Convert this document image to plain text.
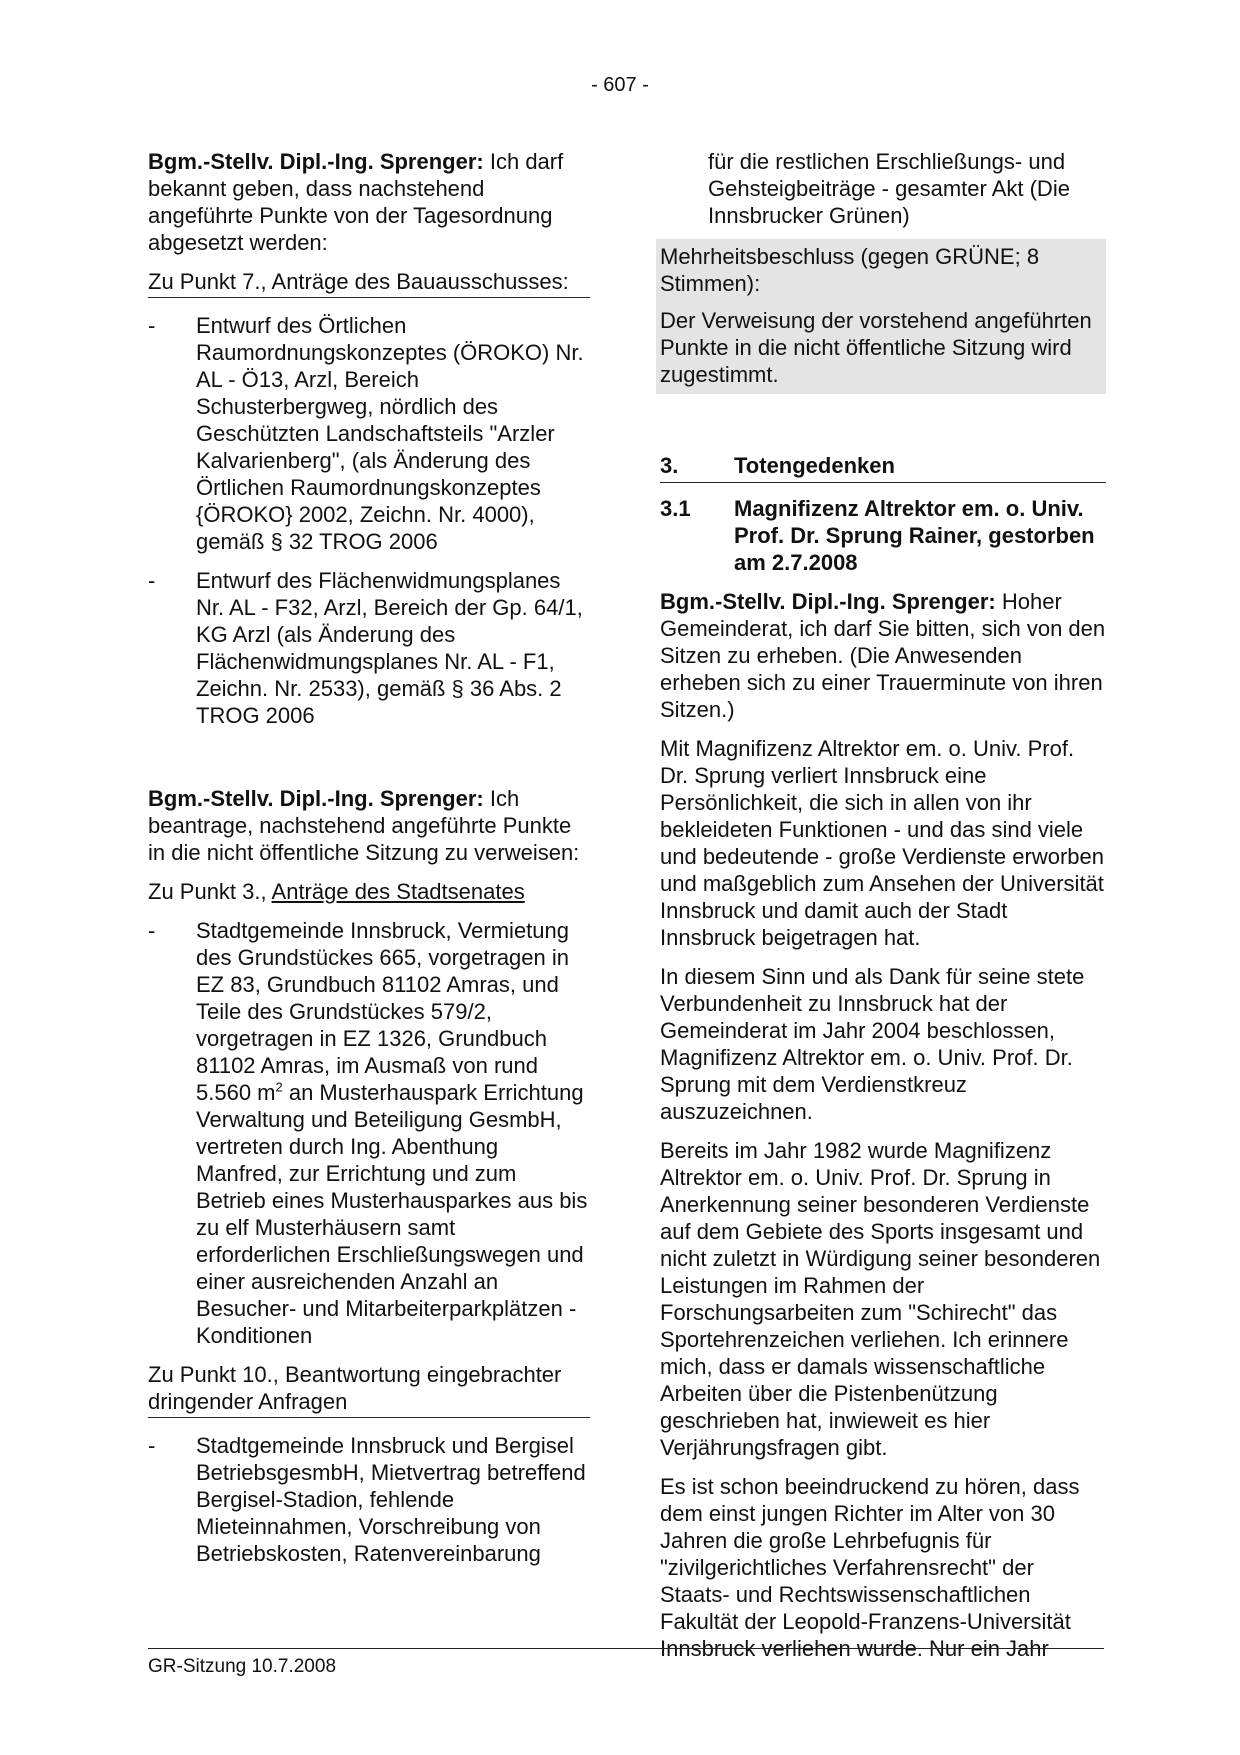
- 607 -

Bgm.-Stellv. Dipl.-Ing. Sprenger: Ich darf bekannt geben, dass nachstehend angeführte Punkte von der Tagesordnung abgesetzt werden:

Zu Punkt 7., Anträge des Bauausschusses:

- Entwurf des Örtlichen Raumordnungskonzeptes (ÖROKO) Nr. AL - Ö13, Arzl, Bereich Schusterbergweg, nördlich des Geschützten Landschaftsteils "Arzler Kalvarienberg", (als Änderung des Örtlichen Raumordnungskonzeptes {ÖROKO} 2002, Zeichn. Nr. 4000), gemäß § 32 TROG 2006
- Entwurf des Flächenwidmungsplanes Nr. AL - F32, Arzl, Bereich der Gp. 64/1, KG Arzl (als Änderung des Flächenwidmungsplanes Nr. AL - F1, Zeichn. Nr. 2533), gemäß § 36 Abs. 2 TROG 2006

Bgm.-Stellv. Dipl.-Ing. Sprenger: Ich beantrage, nachstehend angeführte Punkte in die nicht öffentliche Sitzung zu verweisen:

Zu Punkt 3., Anträge des Stadtsenates

- Stadtgemeinde Innsbruck, Vermietung des Grundstückes 665, vorgetragen in EZ 83, Grundbuch 81102 Amras, und Teile des Grundstückes 579/2, vorgetragen in EZ 1326, Grundbuch 81102 Amras, im Ausmaß von rund 5.560 $m^2$ an Musterhauspark Errichtung Verwaltung und Beteiligung GesmbH, vertreten durch Ing. Abenthung Manfred, zur Errichtung und zum Betrieb eines Musterhausparkes aus bis zu elf Musterhäusern samt erforderlichen Erschließungswegen und einer ausreichenden Anzahl an Besucher- und Mitarbeiterparkplätzen - Konditionen

Zu Punkt 10., Beantwortung eingebrachter dringender Anfragen

- Stadtgemeinde Innsbruck und Bergisel BetriebsgesmbH, Mietvertrag betreffend Bergisel-Stadion, fehlende Mieteinnahmen, Vorschreibung von Betriebskosten, Ratenvereinbarung

für die restlichen Erschließungs- und Gehsteigbeiträge - gesamter Akt (Die Innsbrucker Grünen)

Mehrheitsbeschluss (gegen GRÜNE; 8 Stimmen):

Der Verweisung der vorstehend angeführten Punkte in die nicht öffentliche Sitzung wird zugestimmt.

3.	Totengedenken
3.1	Magnifizenz Altrektor em. o. Univ. Prof. Dr. Sprung Rainer, gestorben am 2.7.2008

Bgm.-Stellv. Dipl.-Ing. Sprenger: Hoher Gemeinderat, ich darf Sie bitten, sich von den Sitzen zu erheben. (Die Anwesenden erheben sich zu einer Trauerminute von ihren Sitzen.)

Mit Magnifizenz Altrektor em. o. Univ. Prof. Dr. Sprung verliert Innsbruck eine Persönlichkeit, die sich in allen von ihr bekleideten Funktionen - und das sind viele und bedeutende - große Verdienste erworben und maßgeblich zum Ansehen der Universität Innsbruck und damit auch der Stadt Innsbruck beigetragen hat.

In diesem Sinn und als Dank für seine stete Verbundenheit zu Innsbruck hat der Gemeinderat im Jahr 2004 beschlossen, Magnifizenz Altrektor em. o. Univ. Prof. Dr. Sprung mit dem Verdienstkreuz auszuzeichnen.

Bereits im Jahr 1982 wurde Magnifizenz Altrektor em. o. Univ. Prof. Dr. Sprung in Anerkennung seiner besonderen Verdienste auf dem Gebiete des Sports insgesamt und nicht zuletzt in Würdigung seiner besonderen Leistungen im Rahmen der Forschungsarbeiten zum "Schirecht" das Sportehrenzeichen verliehen. Ich erinnere mich, dass er damals wissenschaftliche Arbeiten über die Pistenbenützung geschrieben hat, inwieweit es hier Verjährungsfragen gibt.

Es ist schon beeindruckend zu hören, dass dem einst jungen Richter im Alter von 30 Jahren die große Lehrbefugnis für "zivilgerichtliches Verfahrensrecht" der Staats- und Rechtswissenschaftlichen Fakultät der Leopold-Franzens-Universität Innsbruck verliehen wurde. Nur ein Jahr

GR-Sitzung 10.7.2008
